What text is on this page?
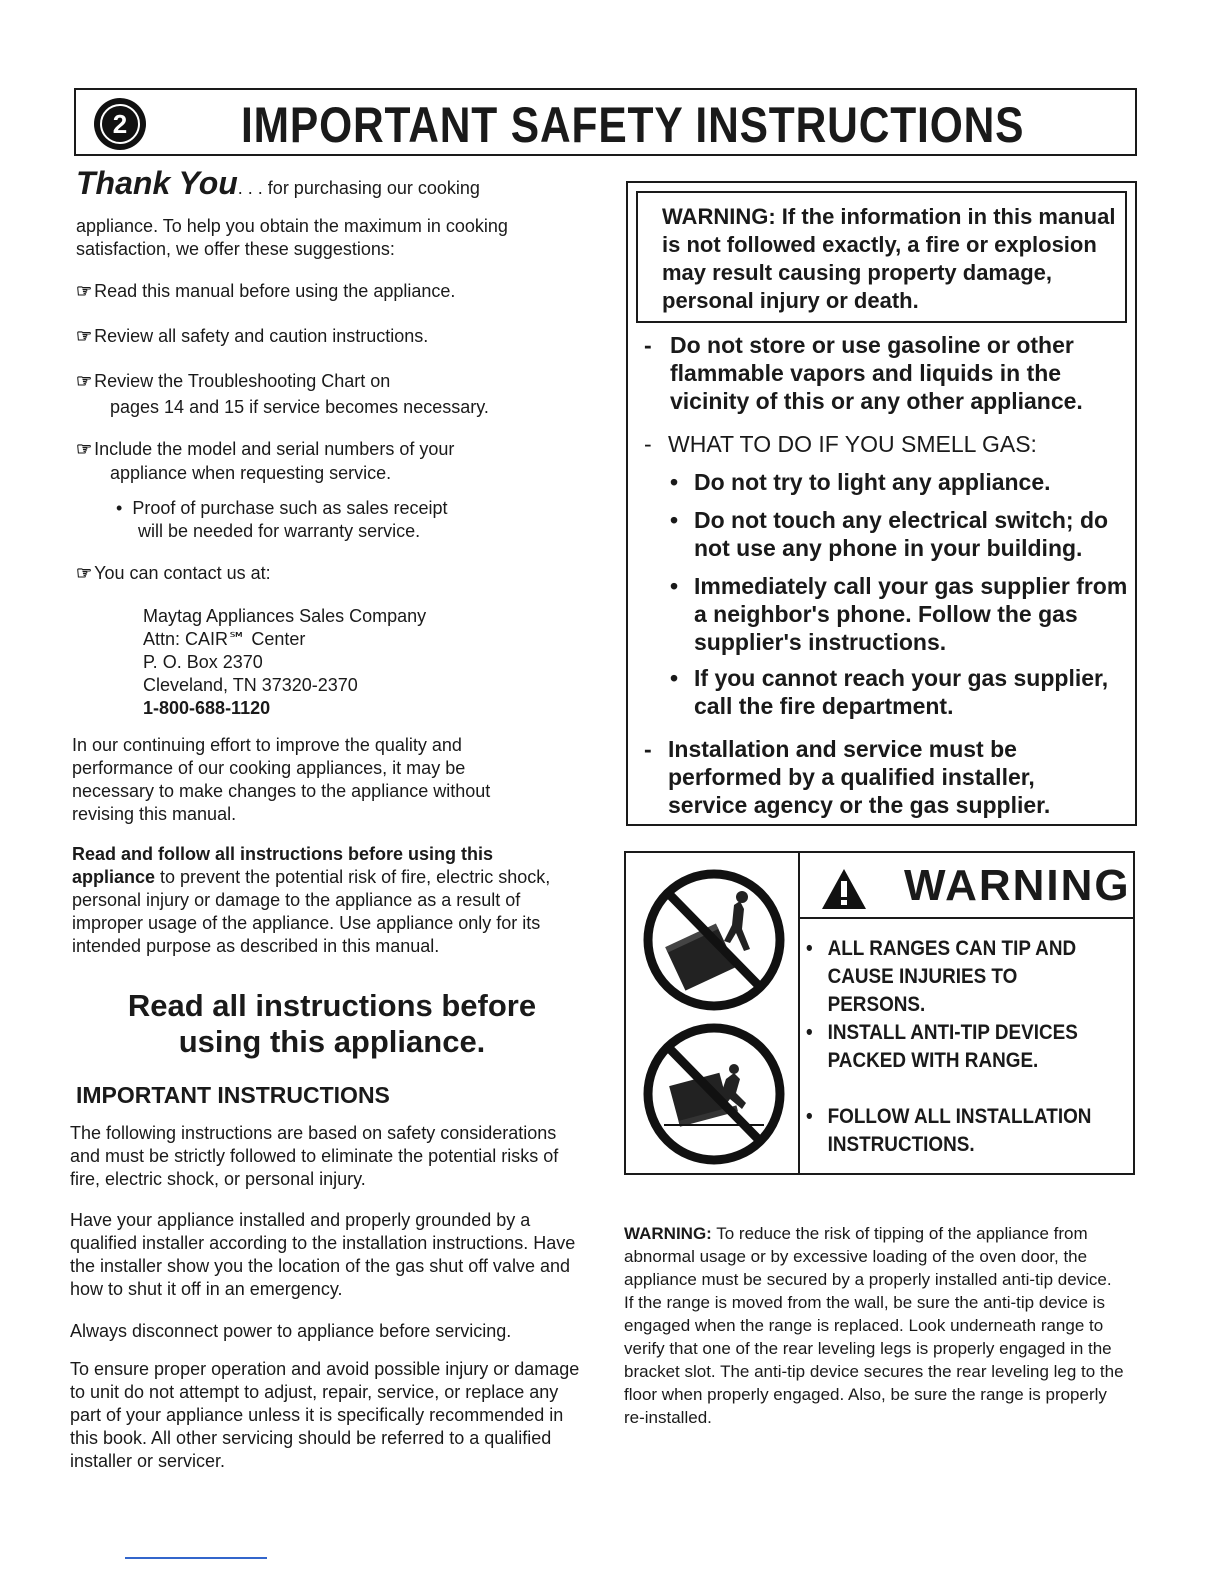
2 IMPORTANT SAFETY INSTRUCTIONS
Thank You. . . for purchasing our cooking
appliance. To help you obtain the maximum in cooking
satisfaction, we offer these suggestions:
☞ Read this manual before using the appliance.
☞ Review all safety and caution instructions.
☞ Review the Troubleshooting Chart on
pages 14 and 15 if service becomes necessary.
☞ Include the model and serial numbers of your
appliance when requesting service.
• Proof of purchase such as sales receipt
will be needed for warranty service.
☞ You can contact us at:
Maytag Appliances Sales Company
Attn: CAIR℠ Center
P. O. Box 2370
Cleveland, TN 37320-2370
1-800-688-1120
In our continuing effort to improve the quality and
performance of our cooking appliances, it may be
necessary to make changes to the appliance without
revising this manual.
Read and follow all instructions before using this appliance to prevent the potential risk of fire, electric shock, personal injury or damage to the appliance as a result of improper usage of the appliance. Use appliance only for its intended purpose as described in this manual.
Read all instructions before
using this appliance.
IMPORTANT INSTRUCTIONS
The following instructions are based on safety considerations and must be strictly followed to eliminate the potential risks of fire, electric shock, or personal injury.
Have your appliance installed and properly grounded by a qualified installer according to the installation instructions. Have the installer show you the location of the gas shut off valve and how to shut it off in an emergency.
Always disconnect power to appliance before servicing.
To ensure proper operation and avoid possible injury or damage to unit do not attempt to adjust, repair, service, or replace any part of your appliance unless it is specifically recommended in this book. All other servicing should be referred to a qualified installer or servicer.
WARNING: If the information in this manual is not followed exactly, a fire or explosion may result causing property damage, personal injury or death.
- Do not store or use gasoline or other flammable vapors and liquids in the vicinity of this or any other appliance.
- WHAT TO DO IF YOU SMELL GAS:
• Do not try to light any appliance.
• Do not touch any electrical switch; do not use any phone in your building.
• Immediately call your gas supplier from a neighbor's phone. Follow the gas supplier's instructions.
• If you cannot reach your gas supplier, call the fire department.
- Installation and service must be performed by a qualified installer, service agency or the gas supplier.
WARNING
• ALL RANGES CAN TIP AND CAUSE INJURIES TO PERSONS.
• INSTALL ANTI-TIP DEVICES PACKED WITH RANGE.
• FOLLOW ALL INSTALLATION INSTRUCTIONS.
WARNING: To reduce the risk of tipping of the appliance from abnormal usage or by excessive loading of the oven door, the appliance must be secured by a properly installed anti-tip device. If the range is moved from the wall, be sure the anti-tip device is engaged when the range is replaced. Look underneath range to verify that one of the rear leveling legs is properly engaged in the bracket slot. The anti-tip device secures the rear leveling leg to the floor when properly engaged. Also, be sure the range is properly re-installed.
